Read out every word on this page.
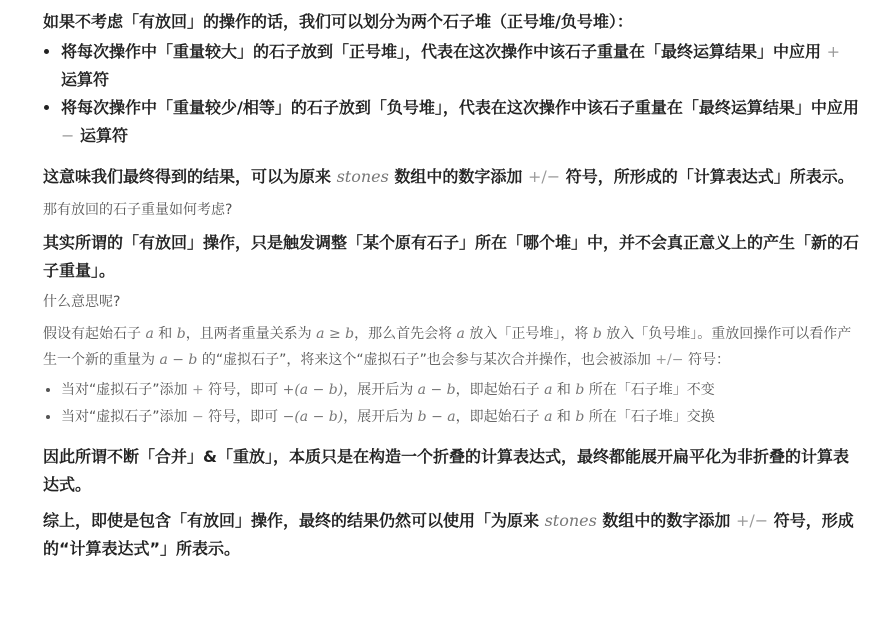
如果不考虑「有放回」的操作的话，我们可以划分为两个石子堆（正号堆/负号堆）：

• 将每次操作中「重量较大」的石子放到「正号堆」，代表在这次操作中该石子重量在「最终运算结果」中应用 + 运算符
• 将每次操作中「重量较少/相等」的石子放到「负号堆」，代表在这次操作中该石子重量在「最终运算结果」中应用 − 运算符

这意味我们最终得到的结果，可以为原来 stones 数组中的数字添加 +/− 符号，所形成的「计算表达式」所表示。

那有放回的石子重量如何考虑?

其实所谓的「有放回」操作，只是触发调整「某个原有石子」所在「哪个堆」中，并不会真正意义上的产生「新的石子重量」。

什么意思呢?

假设有起始石子 a 和 b，且两者重量关系为 a ≥ b，那么首先会将 a 放入「正号堆」，将 b 放入「负号堆」。重放回操作可以看作产生一个新的重量为 a − b 的“虚拟石子”，将来这个“虚拟石子”也会参与某次合并操作，也会被添加 +/− 符号：

• 当对“虚拟石子”添加 + 符号，即可 +(a − b)，展开后为 a − b，即起始石子 a 和 b 所在「石子堆」不变
• 当对“虚拟石子”添加 − 符号，即可 −(a − b)，展开后为 b − a，即起始石子 a 和 b 所在「石子堆」交换

因此所谓不断「合并」&「重放」，本质只是在构造一个折叠的计算表达式，最终都能展开扁平化为非折叠的计算表达式。

综上，即使是包含「有放回」操作，最终的结果仍然可以使用「为原来 stones 数组中的数字添加 +/− 符号，形成的“计算表达式”」所表示。
